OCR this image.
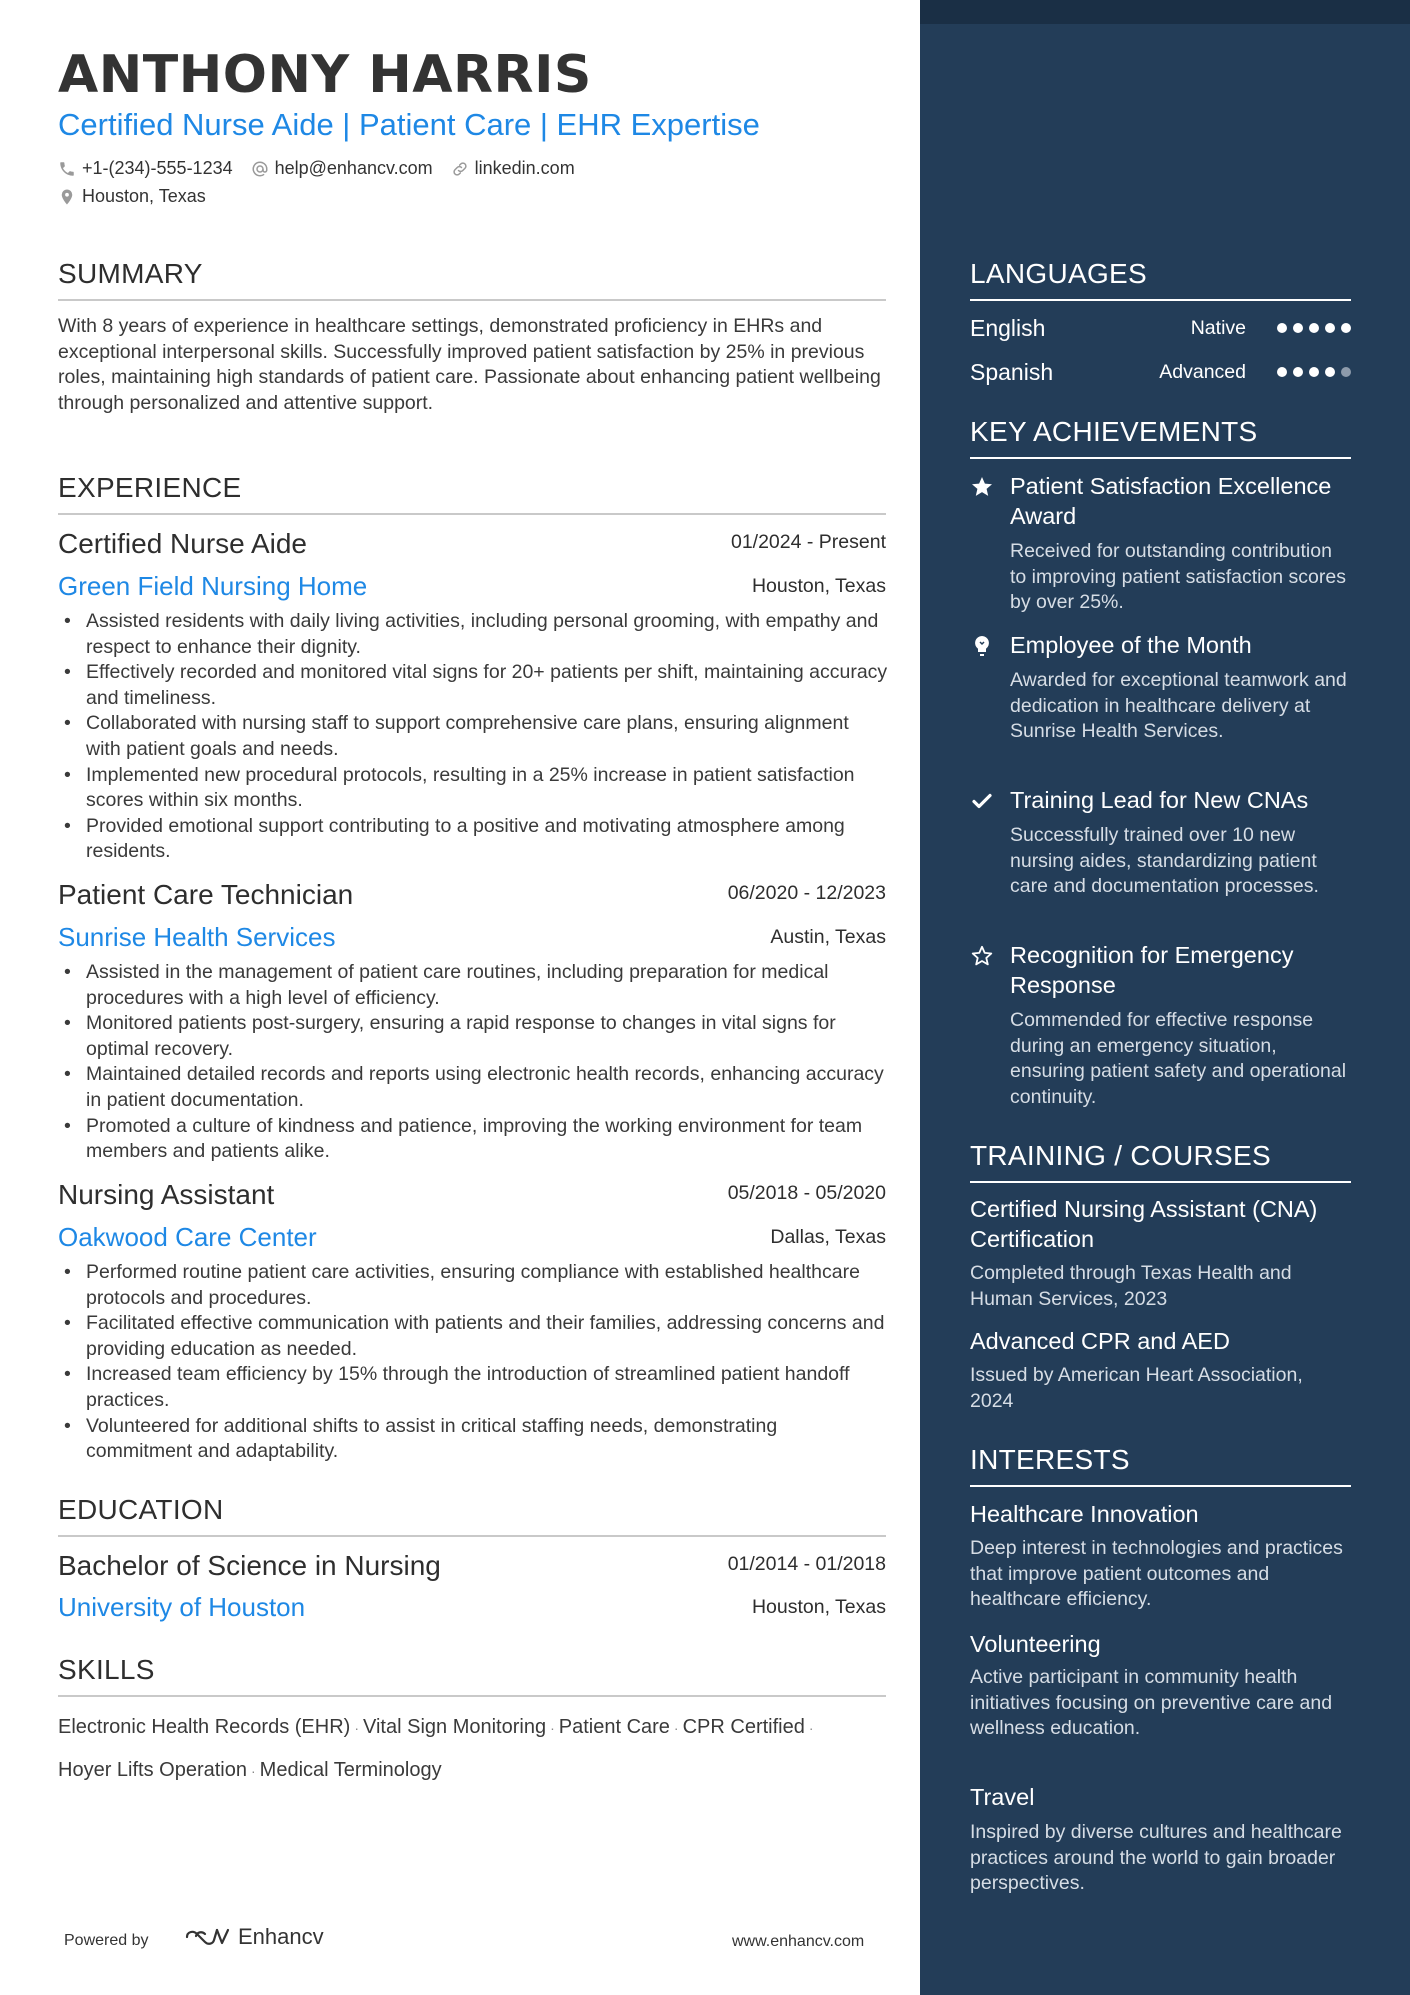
ANTHONY HARRIS
Certified Nurse Aide | Patient Care | EHR Expertise
+1-(234)-555-1234 help@enhancv.com linkedin.com
Houston, Texas
SUMMARY
With 8 years of experience in healthcare settings, demonstrated proficiency in EHRs and exceptional interpersonal skills. Successfully improved patient satisfaction by 25% in previous roles, maintaining high standards of patient care. Passionate about enhancing patient wellbeing through personalized and attentive support.
EXPERIENCE
Certified Nurse Aide	01/2024 - Present
Green Field Nursing Home	Houston, Texas
• Assisted residents with daily living activities, including personal grooming, with empathy and respect to enhance their dignity.
• Effectively recorded and monitored vital signs for 20+ patients per shift, maintaining accuracy and timeliness.
• Collaborated with nursing staff to support comprehensive care plans, ensuring alignment with patient goals and needs.
• Implemented new procedural protocols, resulting in a 25% increase in patient satisfaction scores within six months.
• Provided emotional support contributing to a positive and motivating atmosphere among residents.
Patient Care Technician	06/2020 - 12/2023
Sunrise Health Services	Austin, Texas
• Assisted in the management of patient care routines, including preparation for medical procedures with a high level of efficiency.
• Monitored patients post-surgery, ensuring a rapid response to changes in vital signs for optimal recovery.
• Maintained detailed records and reports using electronic health records, enhancing accuracy in patient documentation.
• Promoted a culture of kindness and patience, improving the working environment for team members and patients alike.
Nursing Assistant	05/2018 - 05/2020
Oakwood Care Center	Dallas, Texas
• Performed routine patient care activities, ensuring compliance with established healthcare protocols and procedures.
• Facilitated effective communication with patients and their families, addressing concerns and providing education as needed.
• Increased team efficiency by 15% through the introduction of streamlined patient handoff practices.
• Volunteered for additional shifts to assist in critical staffing needs, demonstrating commitment and adaptability.
EDUCATION
Bachelor of Science in Nursing	01/2014 - 01/2018
University of Houston	Houston, Texas
SKILLS
Electronic Health Records (EHR) · Vital Sign Monitoring · Patient Care · CPR Certified ·
Hoyer Lifts Operation · Medical Terminology
Powered by	Enhancv	www.enhancv.com
LANGUAGES
English	Native
Spanish	Advanced
KEY ACHIEVEMENTS
Patient Satisfaction Excellence Award
Received for outstanding contribution to improving patient satisfaction scores by over 25%.
Employee of the Month
Awarded for exceptional teamwork and dedication in healthcare delivery at Sunrise Health Services.
Training Lead for New CNAs
Successfully trained over 10 new nursing aides, standardizing patient care and documentation processes.
Recognition for Emergency Response
Commended for effective response during an emergency situation, ensuring patient safety and operational continuity.
TRAINING / COURSES
Certified Nursing Assistant (CNA) Certification
Completed through Texas Health and Human Services, 2023
Advanced CPR and AED
Issued by American Heart Association, 2024
INTERESTS
Healthcare Innovation
Deep interest in technologies and practices that improve patient outcomes and healthcare efficiency.
Volunteering
Active participant in community health initiatives focusing on preventive care and wellness education.
Travel
Inspired by diverse cultures and healthcare practices around the world to gain broader perspectives.
